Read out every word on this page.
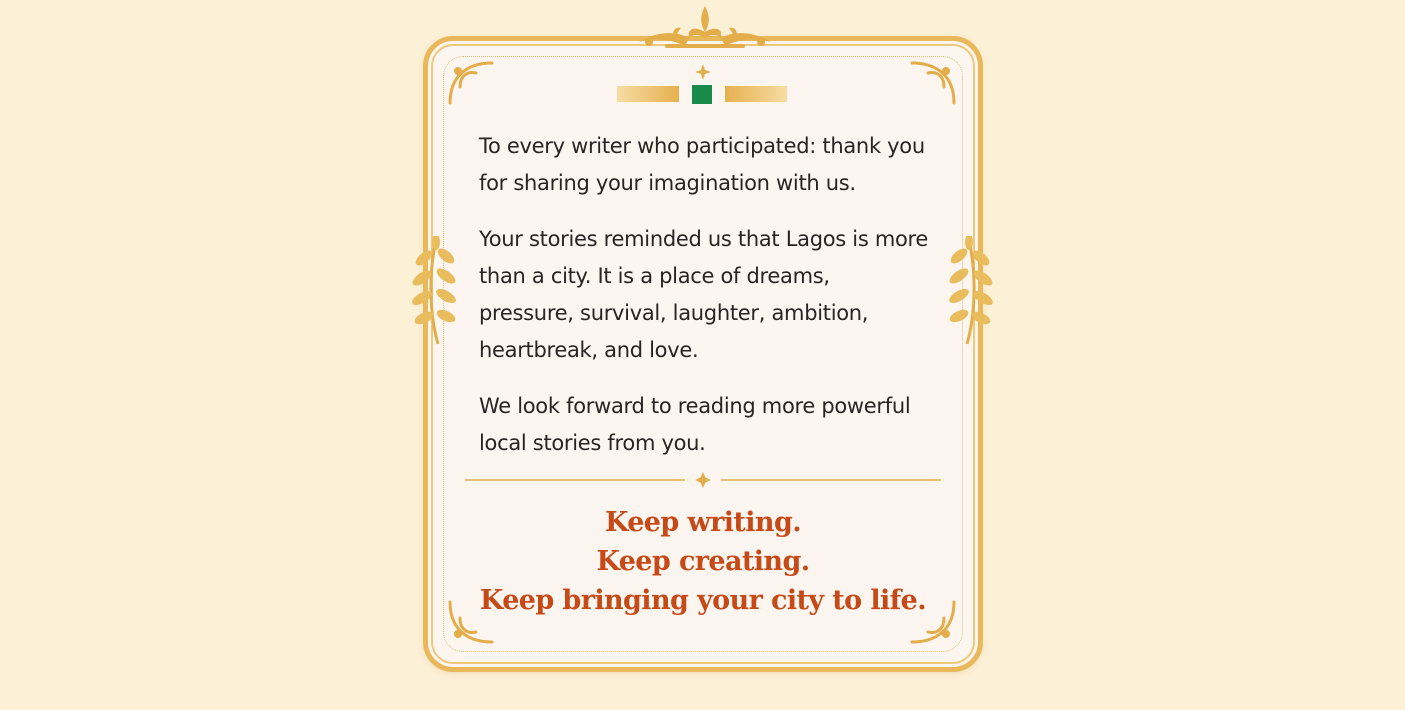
To every writer who participated: thank you for sharing your imagination with us.

Your stories reminded us that Lagos is more than a city. It is a place of dreams, pressure, survival, laughter, ambition, heartbreak, and love.

We look forward to reading more powerful local stories from you.

Keep writing.
Keep creating.
Keep bringing your city to life.
